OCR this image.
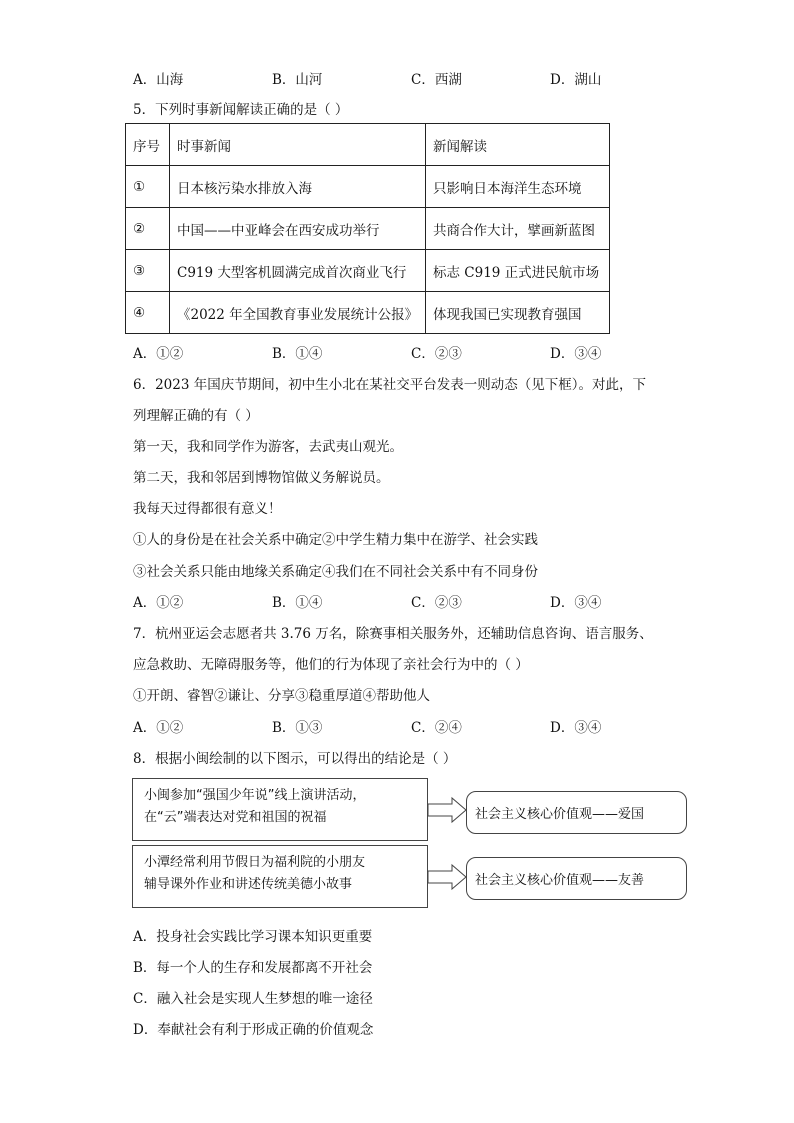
A．山海	B．山河	C．西湖	D．湖山
5．下列时事新闻解读正确的是（ ）
序号	时事新闻	新闻解读
①	日本核污染水排放入海	只影响日本海洋生态环境
②	中国——中亚峰会在西安成功举行	共商合作大计，擘画新蓝图
③	C919 大型客机圆满完成首次商业飞行	标志 C919 正式进民航市场
④	《2022 年全国教育事业发展统计公报》	体现我国已实现教育强国
A．①②	B．①④	C．②③	D．③④
6．2023 年国庆节期间，初中生小北在某社交平台发表一则动态（见下框）。对此，下
列理解正确的有（ ）
第一天，我和同学作为游客，去武夷山观光。
第二天，我和邻居到博物馆做义务解说员。
我每天过得都很有意义！
①人的身份是在社会关系中确定②中学生精力集中在游学、社会实践
③社会关系只能由地缘关系确定④我们在不同社会关系中有不同身份
A．①②	B．①④	C．②③	D．③④
7．杭州亚运会志愿者共 3.76 万名，除赛事相关服务外，还辅助信息咨询、语言服务、
应急救助、无障碍服务等，他们的行为体现了亲社会行为中的（ ）
①开朗、睿智②谦让、分享③稳重厚道④帮助他人
A．①②	B．①③	C．②④	D．③④
8．根据小闽绘制的以下图示，可以得出的结论是（ ）
小闽参加“强国少年说”线上演讲活动，
在“云”端表达对党和祖国的祝福	社会主义核心价值观——爱国
小潭经常利用节假日为福利院的小朋友
辅导课外作业和讲述传统美德小故事	社会主义核心价值观——友善
A．投身社会实践比学习课本知识更重要
B．每一个人的生存和发展都离不开社会
C．融入社会是实现人生梦想的唯一途径
D．奉献社会有利于形成正确的价值观念
